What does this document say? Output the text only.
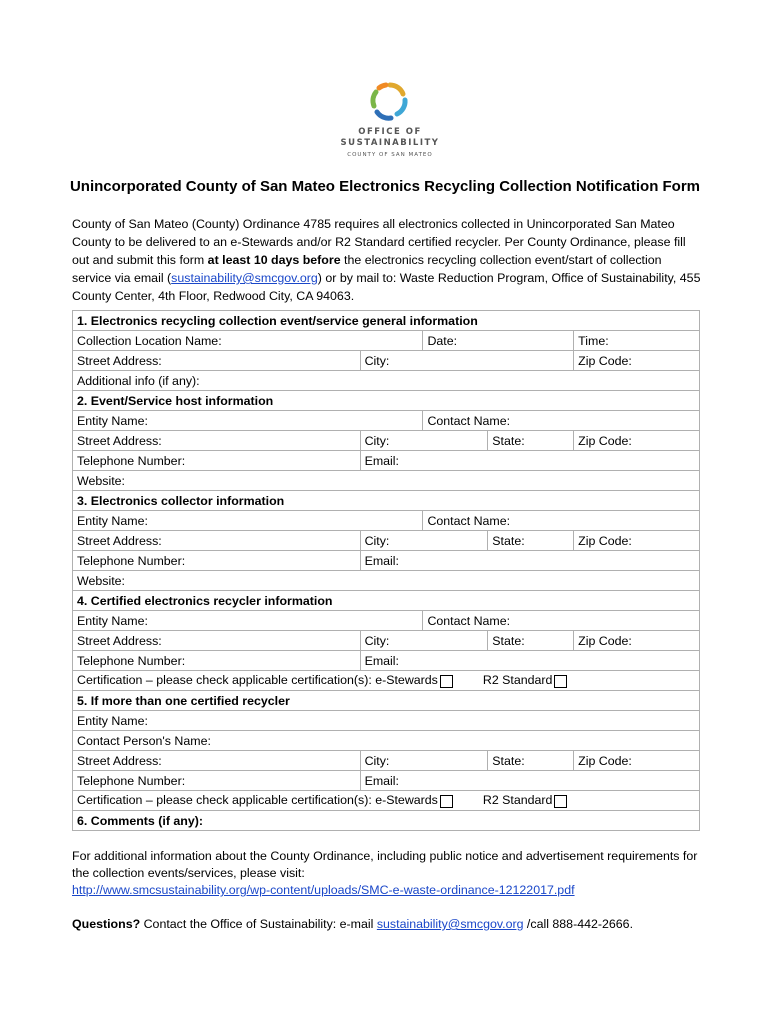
OFFICE OF
SUSTAINABILITY
COUNTY OF SAN MATEO
Unincorporated County of San Mateo Electronics Recycling Collection Notification Form
County of San Mateo (County) Ordinance 4785 requires all electronics collected in Unincorporated San Mateo County to be delivered to an e-Stewards and/or R2 Standard certified recycler. Per County Ordinance, please fill out and submit this form at least 10 days before the electronics recycling collection event/start of collection service via email (sustainability@smcgov.org) or by mail to: Waste Reduction Program, Office of Sustainability, 455 County Center, 4th Floor, Redwood City, CA 94063.
1. Electronics recycling collection event/service general information				
Collection Location Name:		Date:		Time:
Street Address:	City:			Zip Code:
Additional info (if any):				
2. Event/Service host information				
Entity Name:		Contact Name:		
Street Address:	City:		State:	Zip Code:
Telephone Number:	Email:			
Website:				
3. Electronics collector information				
Entity Name:		Contact Name:		
Street Address:	City:		State:	Zip Code:
Telephone Number:	Email:			
Website:				
4. Certified electronics recycler information				
Entity Name:		Contact Name:		
Street Address:	City:		State:	Zip Code:
Telephone Number:	Email:			
Certification – please check applicable certification(s): e-Stewards R2 Standard				
5. If more than one certified recycler				
Entity Name:				
Contact Person's Name:				
Street Address:	City:		State:	Zip Code:
Telephone Number:	Email:			
Certification – please check applicable certification(s): e-Stewards R2 Standard				
6. Comments (if any):				
For additional information about the County Ordinance, including public notice and advertisement requirements for the collection events/services, please visit:
http://www.smcsustainability.org/wp-content/uploads/SMC-e-waste-ordinance-12122017.pdf
Questions? Contact the Office of Sustainability: e-mail sustainability@smcgov.org /call 888-442-2666.
